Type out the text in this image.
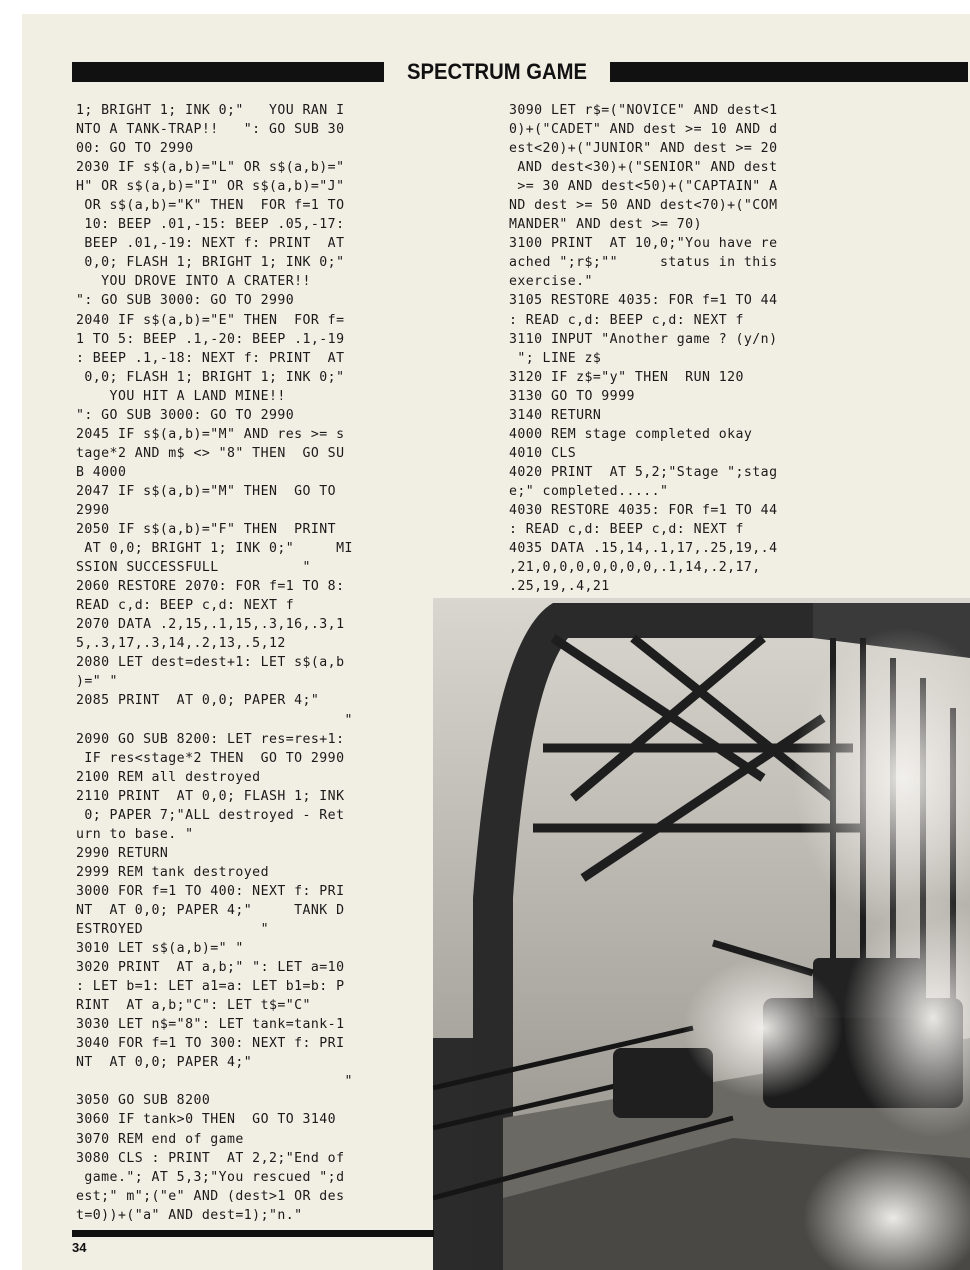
SPECTRUM GAME
1; BRIGHT 1; INK 0;"   YOU RAN I
NTO A TANK-TRAP!!   ": GO SUB 30
00: GO TO 2990
2030 IF s$(a,b)="L" OR s$(a,b)="
H" OR s$(a,b)="I" OR s$(a,b)="J"
OR s$(a,b)="K" THEN  FOR f=1 TO
10: BEEP .01,-15: BEEP .05,-17:
BEEP .01,-19: NEXT f: PRINT  AT
0,0; FLASH 1; BRIGHT 1; INK 0;"
YOU DROVE INTO A CRATER!!
": GO SUB 3000: GO TO 2990
2040 IF s$(a,b)="E" THEN  FOR f=
1 TO 5: BEEP .1,-20: BEEP .1,-19
: BEEP .1,-18: NEXT f: PRINT  AT
0,0; FLASH 1; BRIGHT 1; INK 0;"
YOU HIT A LAND MINE!!
": GO SUB 3000: GO TO 2990
2045 IF s$(a,b)="M" AND res >= s
tage*2 AND m$ <> "8" THEN  GO SU
B 4000
2047 IF s$(a,b)="M" THEN  GO TO
2990
2050 IF s$(a,b)="F" THEN  PRINT
AT 0,0; BRIGHT 1; INK 0;"     MI
SSION SUCCESSFULL          "
2060 RESTORE 2070: FOR f=1 TO 8:
READ c,d: BEEP c,d: NEXT f
2070 DATA .2,15,.1,15,.3,16,.3,1
5,.3,17,.3,14,.2,13,.5,12
2080 LET dest=dest+1: LET s$(a,b
)=" "
2085 PRINT  AT 0,0; PAPER 4;"
"
2090 GO SUB 8200: LET res=res+1:
IF res<stage*2 THEN  GO TO 2990
2100 REM all destroyed
2110 PRINT  AT 0,0; FLASH 1; INK
0; PAPER 7;"ALL destroyed - Ret
urn to base. "
2990 RETURN
2999 REM tank destroyed
3000 FOR f=1 TO 400: NEXT f: PRI
NT  AT 0,0; PAPER 4;"     TANK D
ESTROYED              "
3010 LET s$(a,b)=" "
3020 PRINT  AT a,b;" ": LET a=10
: LET b=1: LET a1=a: LET b1=b: P
RINT  AT a,b;"C": LET t$="C"
3030 LET n$="8": LET tank=tank-1
3040 FOR f=1 TO 300: NEXT f: PRI
NT  AT 0,0; PAPER 4;"
"
3050 GO SUB 8200
3060 IF tank>0 THEN  GO TO 3140
3070 REM end of game
3080 CLS : PRINT  AT 2,2;"End of
game."; AT 5,3;"You rescued ";d
est;" m";("e" AND (dest>1 OR des
t=0))+("a" AND dest=1);"n."
3090 LET r$=("NOVICE" AND dest<1
0)+("CADET" AND dest >= 10 AND d
est<20)+("JUNIOR" AND dest >= 20
AND dest<30)+("SENIOR" AND dest
>= 30 AND dest<50)+("CAPTAIN" A
ND dest >= 50 AND dest<70)+("COM
MANDER" AND dest >= 70)
3100 PRINT  AT 10,0;"You have re
ached ";r$;""     status in this
exercise."
3105 RESTORE 4035: FOR f=1 TO 44
: READ c,d: BEEP c,d: NEXT f
3110 INPUT "Another game ? (y/n)
"; LINE z$
3120 IF z$="y" THEN  RUN 120
3130 GO TO 9999
3140 RETURN
4000 REM stage completed okay
4010 CLS
4020 PRINT  AT 5,2;"Stage ";stag
e;" completed....."
4030 RESTORE 4035: FOR f=1 TO 44
: READ c,d: BEEP c,d: NEXT f
4035 DATA .15,14,.1,17,.25,19,.4
,21,0,0,0,0,0,0,0,.1,14,.2,17,
.25,19,.4,21
34
